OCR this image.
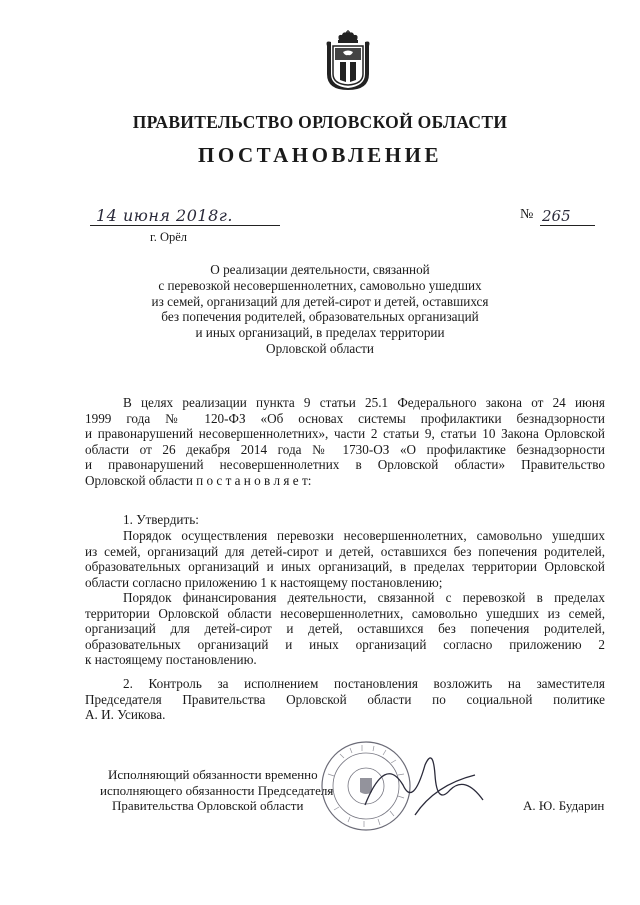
ПРАВИТЕЛЬСТВО ОРЛОВСКОЙ ОБЛАСТИ
ПОСТАНОВЛЕНИЕ
14 июня 2018г.	№ 265
г. Орёл
О реализации деятельности, связанной
с перевозкой несовершеннолетних, самовольно ушедших
из семей, организаций для детей-сирот и детей, оставшихся
без попечения родителей, образовательных организаций
и иных организаций, в пределах территории
Орловской области
В целях реализации пункта 9 статьи 25.1 Федерального закона от 24 июня
1999 года № 120-ФЗ «Об основах системы профилактики безнадзорности
и правонарушений несовершеннолетних», части 2 статьи 9, статьи 10 Закона Орловской
области от 26 декабря 2014 года № 1730-ОЗ «О профилактике безнадзорности
и правонарушений несовершеннолетних в Орловской области» Правительство
Орловской области п о с т а н о в л я е т:
1. Утвердить:
Порядок осуществления перевозки несовершеннолетних, самовольно ушедших
из семей, организаций для детей-сирот и детей, оставшихся без попечения родителей,
образовательных организаций и иных организаций, в пределах территории Орловской
области согласно приложению 1 к настоящему постановлению;
Порядок финансирования деятельности, связанной с перевозкой в пределах
территории Орловской области несовершеннолетних, самовольно ушедших из семей,
организаций для детей-сирот и детей, оставшихся без попечения родителей,
образовательных организаций и иных организаций согласно приложению 2
к настоящему постановлению.
2. Контроль за исполнением постановления возложить на заместителя
Председателя Правительства Орловской области по социальной политике
А. И. Усикова.
Исполняющий обязанности временно
исполняющего обязанности Председателя
Правительства Орловской области	А. Ю. Бударин
